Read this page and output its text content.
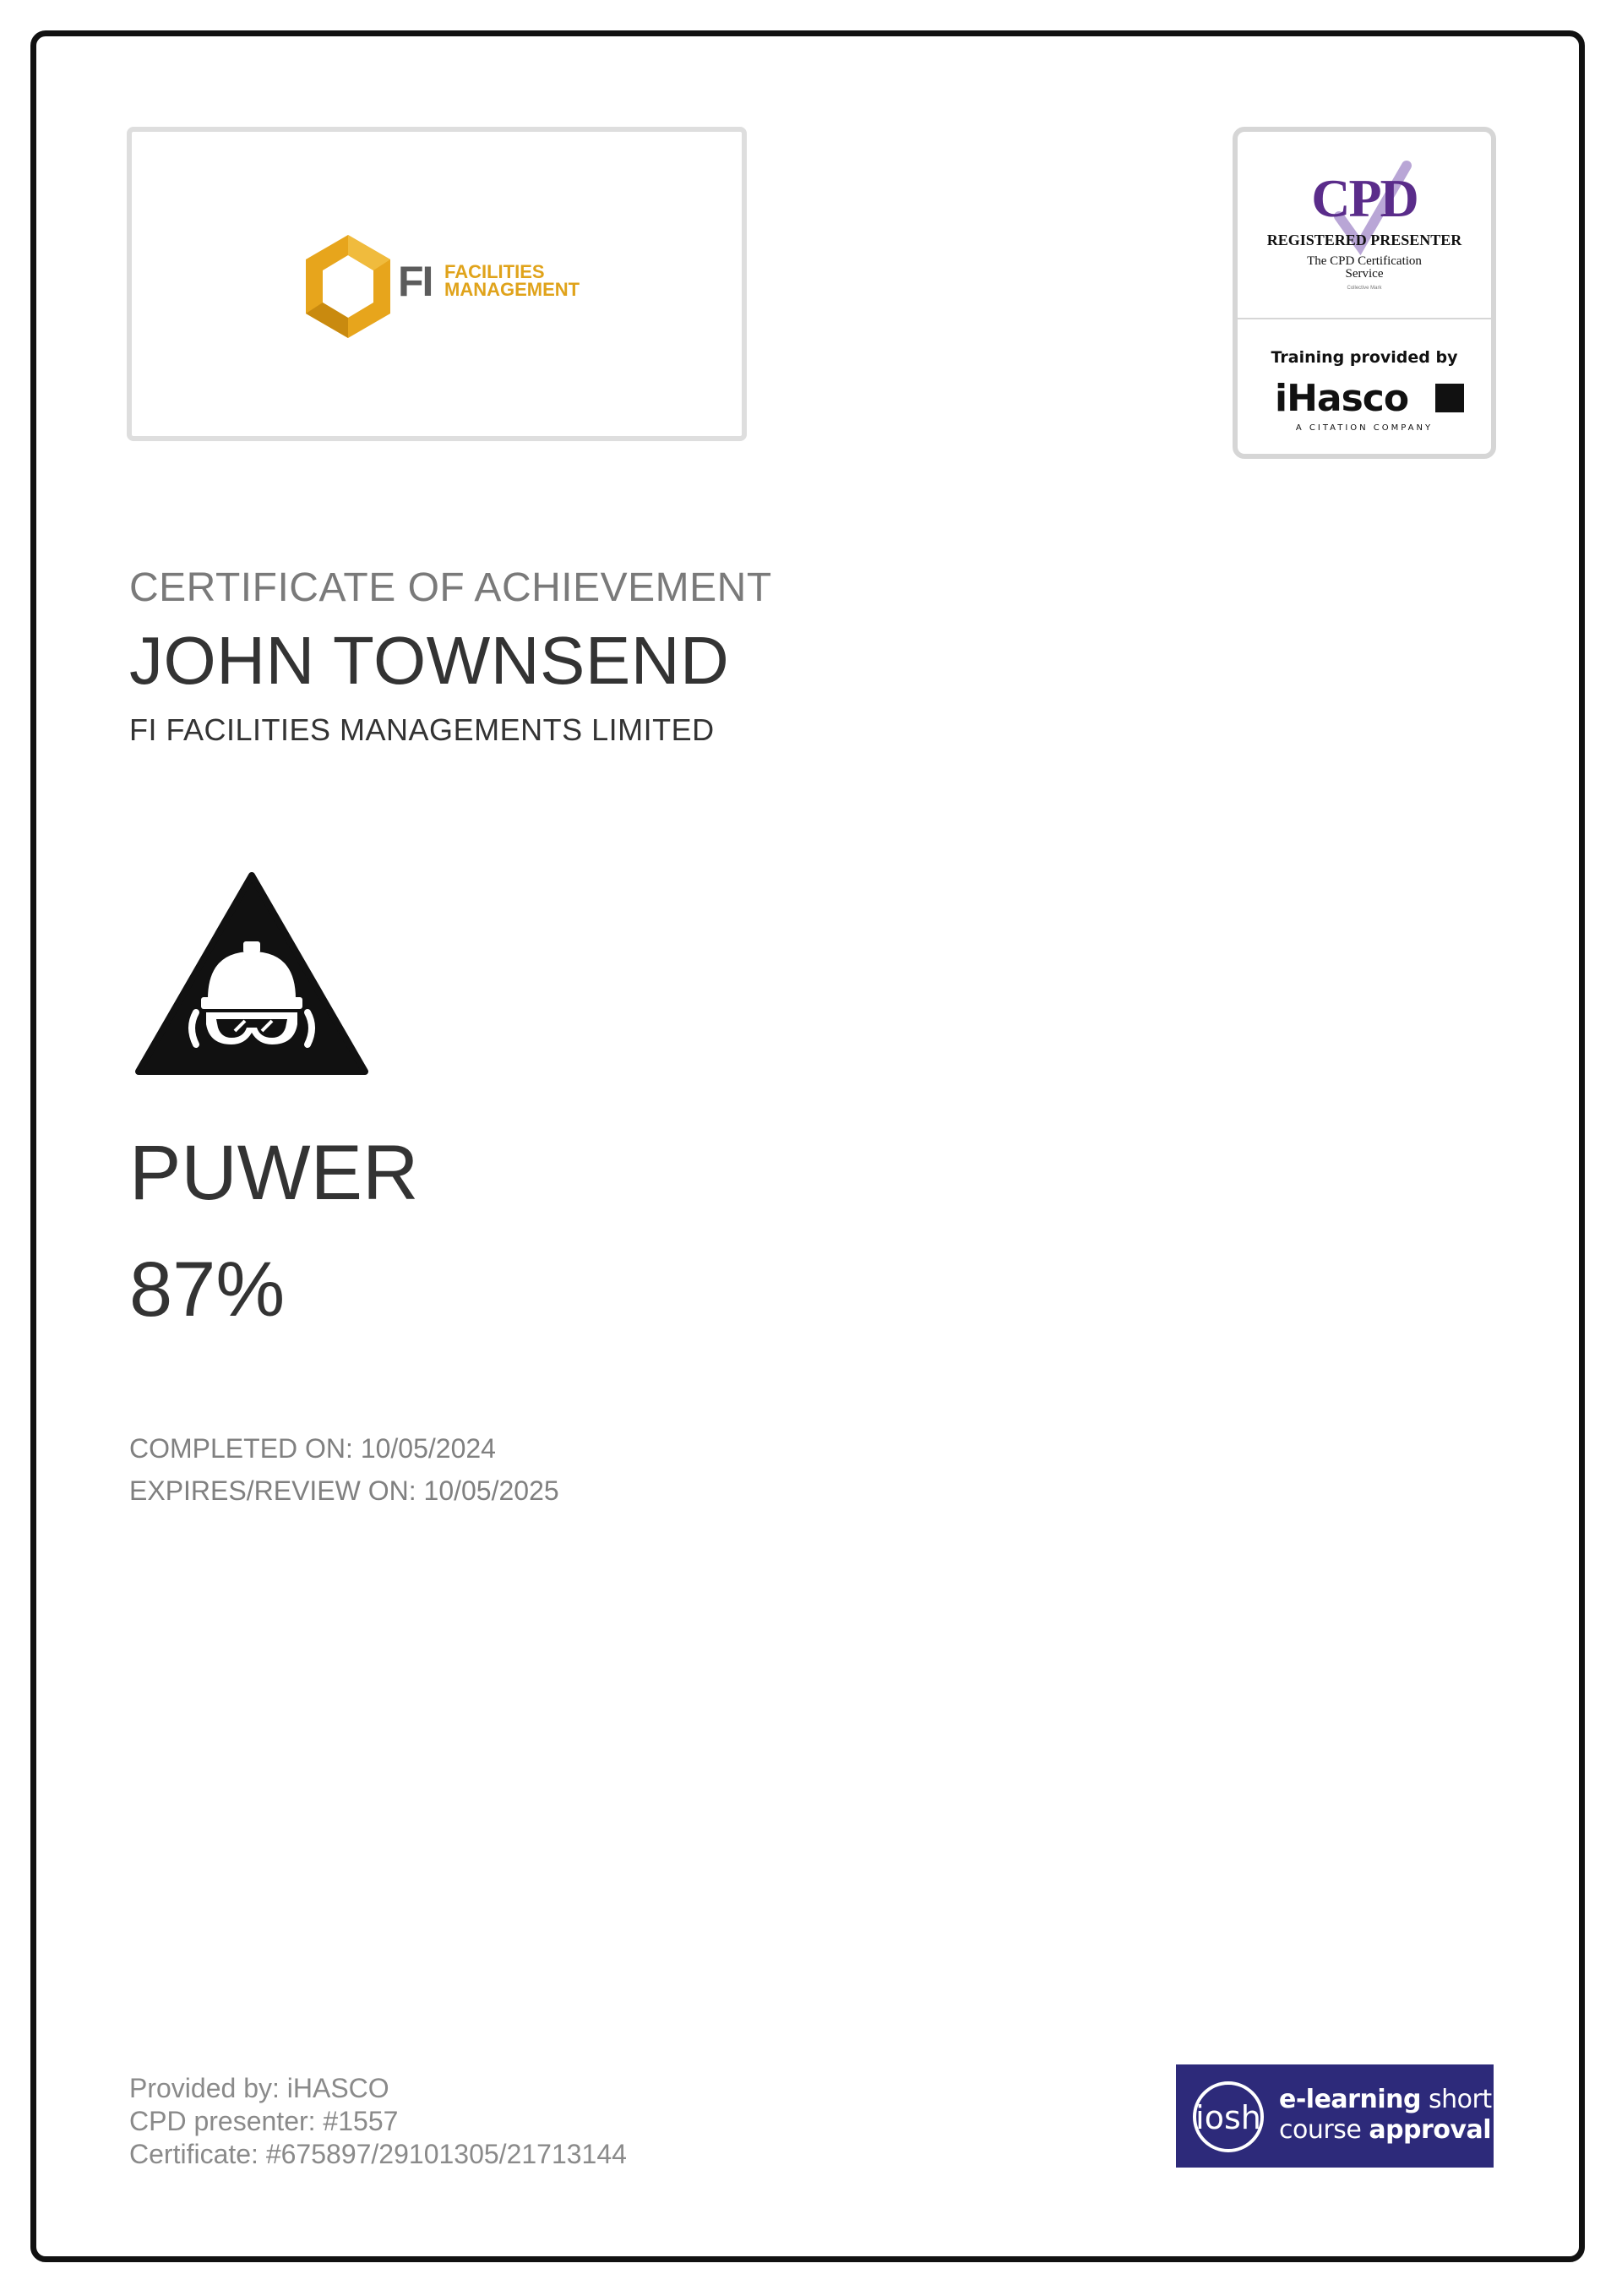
FI FACILITIES
MANAGEMENT
CPD
REGISTERED PRESENTER
The CPD Certification
Service
Collective Mark
Training provided by
iHasco
A CITATION COMPANY
CERTIFICATE OF ACHIEVEMENT
JOHN TOWNSEND
FI FACILITIES MANAGEMENTS LIMITED
PUWER
87%
COMPLETED ON: 10/05/2024
EXPIRES/REVIEW ON: 10/05/2025
Provided by: iHASCO
CPD presenter: #1557
Certificate: #675897/29101305/21713144
iosh e-learning short
course approval
